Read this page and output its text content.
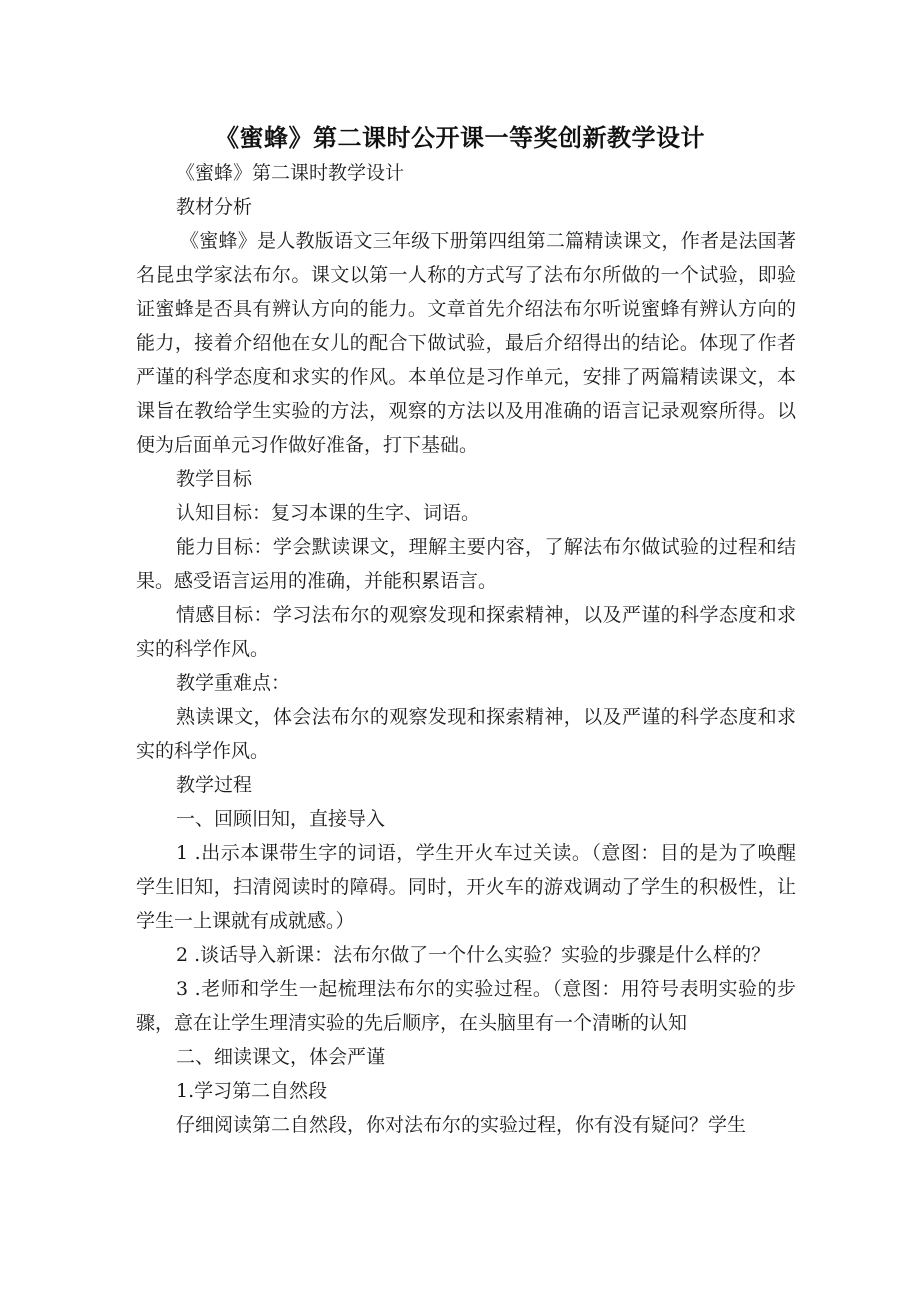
《蜜蜂》第二课时公开课一等奖创新教学设计

《蜜蜂》第二课时教学设计

教材分析

《蜜蜂》是人教版语文三年级下册第四组第二篇精读课文，作者是法国著名昆虫学家法布尔。课文以第一人称的方式写了法布尔所做的一个试验，即验证蜜蜂是否具有辨认方向的能力。文章首先介绍法布尔听说蜜蜂有辨认方向的能力，接着介绍他在女儿的配合下做试验，最后介绍得出的结论。体现了作者严谨的科学态度和求实的作风。本单位是习作单元，安排了两篇精读课文，本课旨在教给学生实验的方法，观察的方法以及用准确的语言记录观察所得。以便为后面单元习作做好准备，打下基础。

教学目标

认知目标：复习本课的生字、词语。

能力目标：学会默读课文，理解主要内容，了解法布尔做试验的过程和结果。感受语言运用的准确，并能积累语言。

情感目标：学习法布尔的观察发现和探索精神，以及严谨的科学态度和求实的科学作风。

教学重难点：

熟读课文，体会法布尔的观察发现和探索精神，以及严谨的科学态度和求实的科学作风。

教学过程

一、回顾旧知，直接导入

1 .出示本课带生字的词语，学生开火车过关读。（意图：目的是为了唤醒学生旧知，扫清阅读时的障碍。同时，开火车的游戏调动了学生的积极性，让学生一上课就有成就感。）

2 .谈话导入新课：法布尔做了一个什么实验？实验的步骤是什么样的？

3 .老师和学生一起梳理法布尔的实验过程。（意图：用符号表明实验的步骤，意在让学生理清实验的先后顺序，在头脑里有一个清晰的认知

二、细读课文，体会严谨

1.学习第二自然段

仔细阅读第二自然段，你对法布尔的实验过程，你有没有疑问？学生
